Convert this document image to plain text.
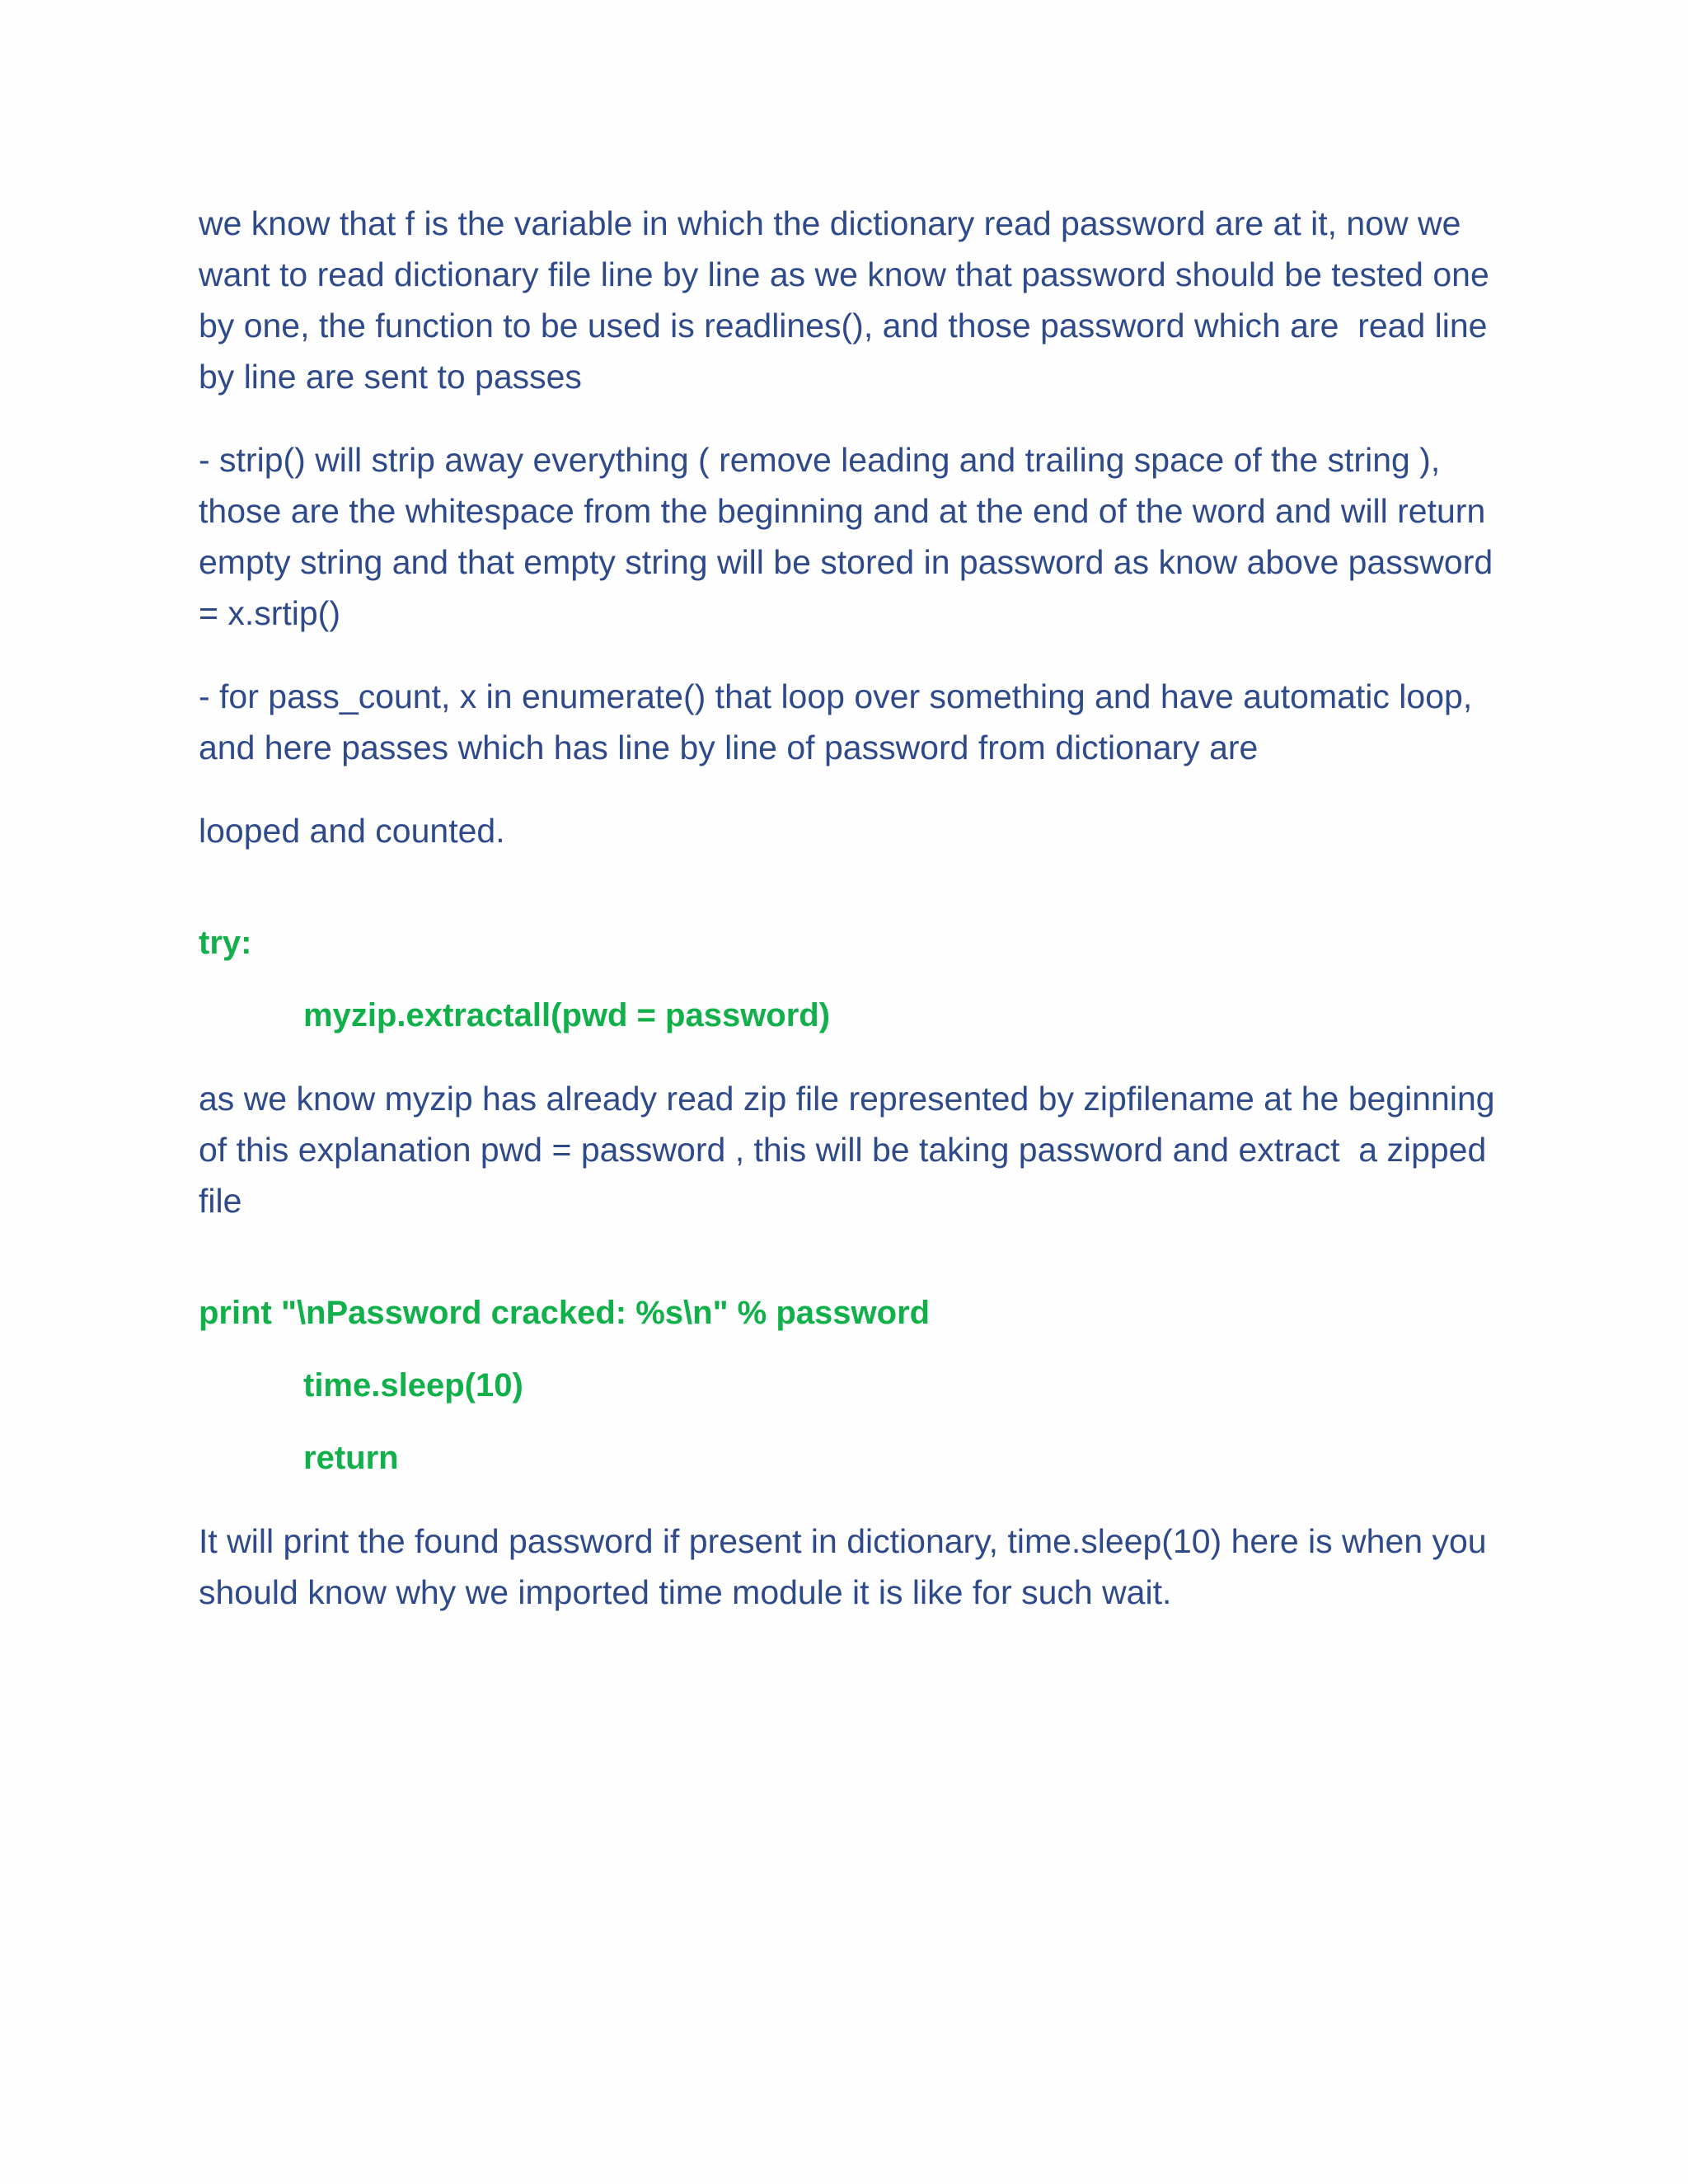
we know that f is the variable in which the dictionary read password are at it, now we want to read dictionary file line by line as we know that password should be tested one by one, the function to be used is readlines(), and those password which are  read line by line are sent to passes

- strip() will strip away everything ( remove leading and trailing space of the string ), those are the whitespace from the beginning and at the end of the word and will return empty string and that empty string will be stored in password as know above password = x.srtip()

- for pass_count, x in enumerate() that loop over something and have automatic loop, and here passes which has line by line of password from dictionary are

looped and counted.

try:

myzip.extractall(pwd = password)

as we know myzip has already read zip file represented by zipfilename at he beginning of this explanation pwd = password , this will be taking password and extract  a zipped file

print "\nPassword cracked: %s\n" % password

time.sleep(10)

return

It will print the found password if present in dictionary, time.sleep(10) here is when you should know why we imported time module it is like for such wait.
